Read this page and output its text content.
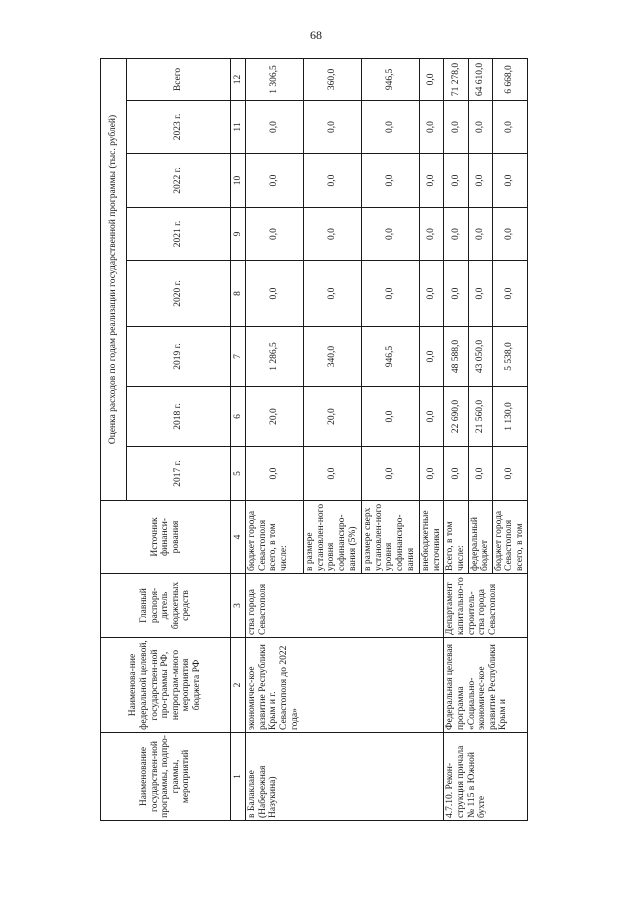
68
Наименование государствен-ной программы, подпро-граммы, мероприятий	Наименова-ние федеральной целевой, государствен-ной про-граммы РФ, непрограм-много мероприятия бюджета РФ	Главный распоря-дитель бюджетных средств	Источник финанси-рования	Оценка расходов по годам реализации государственной программы (тыс. рублей)							
				2017 г.	2018 г.	2019 г.	2020 г.	2021 г.	2022 г.	2023 г.	Всего
1	2	3	4	5	6	7	8	9	10	11	12
в Балаклаве (Набережная Назукина)	экономичес-кое развитие Республики Крым и г. Севастополя до 2022 года»	ства города Севастополя	бюджет города Севастополя всего, в том числе:	0,0	20,0	1 286,5	0,0	0,0	0,0	0,0	1 306,5
			в размере установлен-ного уровня софинансиро-вания (5%)	0,0	20,0	340,0	0,0	0,0	0,0	0,0	360,0
			в размере сверх установлен-ного уровня софинансиро-вания	0,0	0,0	946,5	0,0	0,0	0,0	0,0	946,5
			внебюджетные источники	0,0	0,0	0,0	0,0	0,0	0,0	0,0	0,0
4.7.10. Рекон-струкция причала № 115 в Южной бухте	Федеральная целевая программа «Социально-экономичес-кое развитие Республики Крым и	Департамент капитально-го строитель-ства города Севастополя	Всего, в том числе:	0,0	22 690,0	48 588,0	0,0	0,0	0,0	0,0	71 278,0
			федеральный бюджет	0,0	21 560,0	43 050,0	0,0	0,0	0,0	0,0	64 610,0
			бюджет города Севастополя всего, в том	0,0	1 130,0	5 538,0	0,0	0,0	0,0	0,0	6 668,0
